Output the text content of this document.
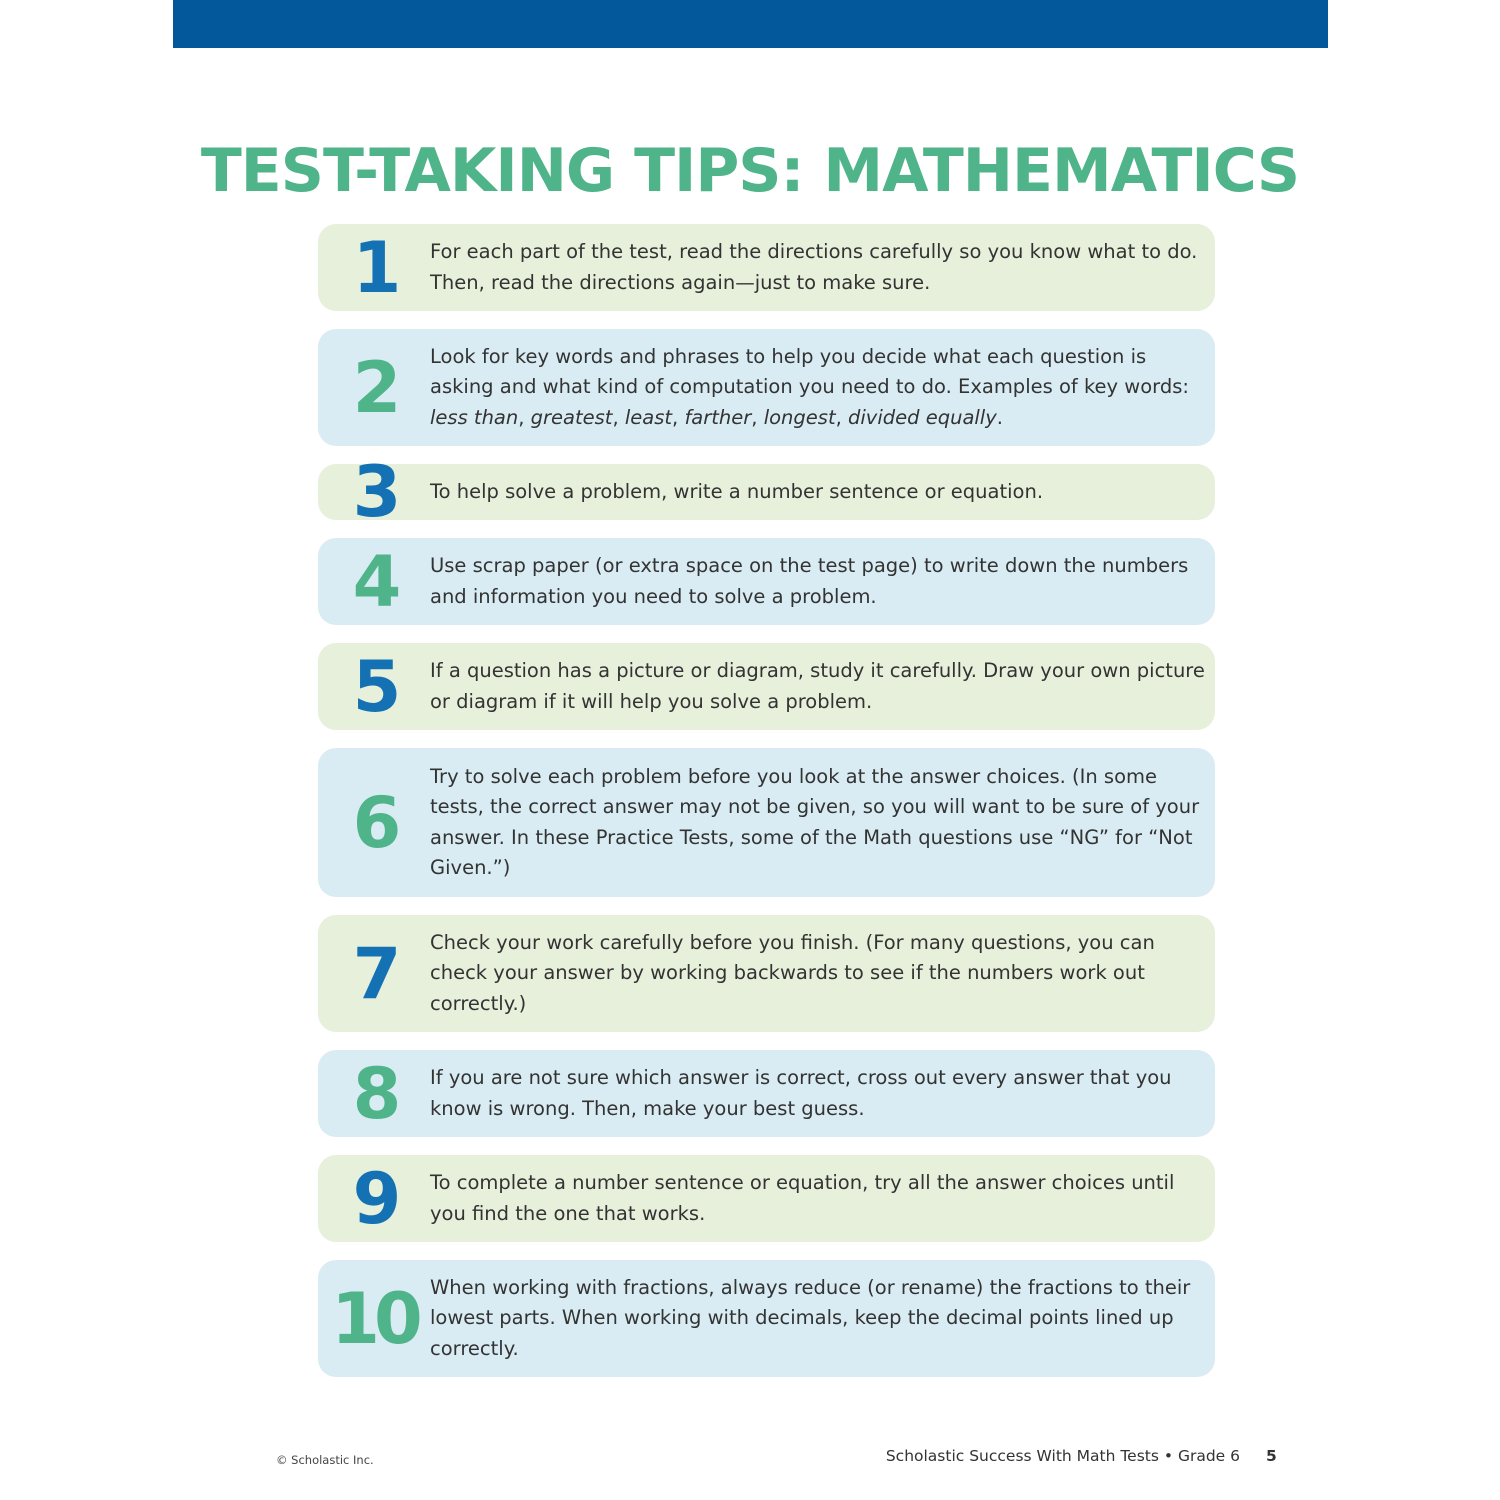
TEST-TAKING TIPS: MATHEMATICS
1	For each part of the test, read the directions carefully so you know what to do. Then, read the directions again—just to make sure.

2	Look for key words and phrases to help you decide what each question is asking and what kind of computation you need to do. Examples of key words: less than, greatest, least, farther, longest, divided equally.

3	To help solve a problem, write a number sentence or equation.

4	Use scrap paper (or extra space on the test page) to write down the numbers and information you need to solve a problem.

5	If a question has a picture or diagram, study it carefully. Draw your own picture or diagram if it will help you solve a problem.

6

Try to solve each problem before you look at the answer choices. (In some tests, the correct answer may not be given, so you will want to be sure of your answer. In these Practice Tests, some of the Math questions use “NG” for “Not Given.”)

7	Check your work carefully before you finish. (For many questions, you can check your answer by working backwards to see if the numbers work out correctly.)

8	If you are not sure which answer is correct, cross out every answer that you know is wrong. Then, make your best guess.

9	To complete a number sentence or equation, try all the answer choices until you find the one that works.

10 When working with fractions, always reduce (or rename) the fractions to their lowest parts. When working with decimals, keep the decimal points lined up correctly.

© Scholastic Inc.	Scholastic Success With Math Tests • Grade 6 5
